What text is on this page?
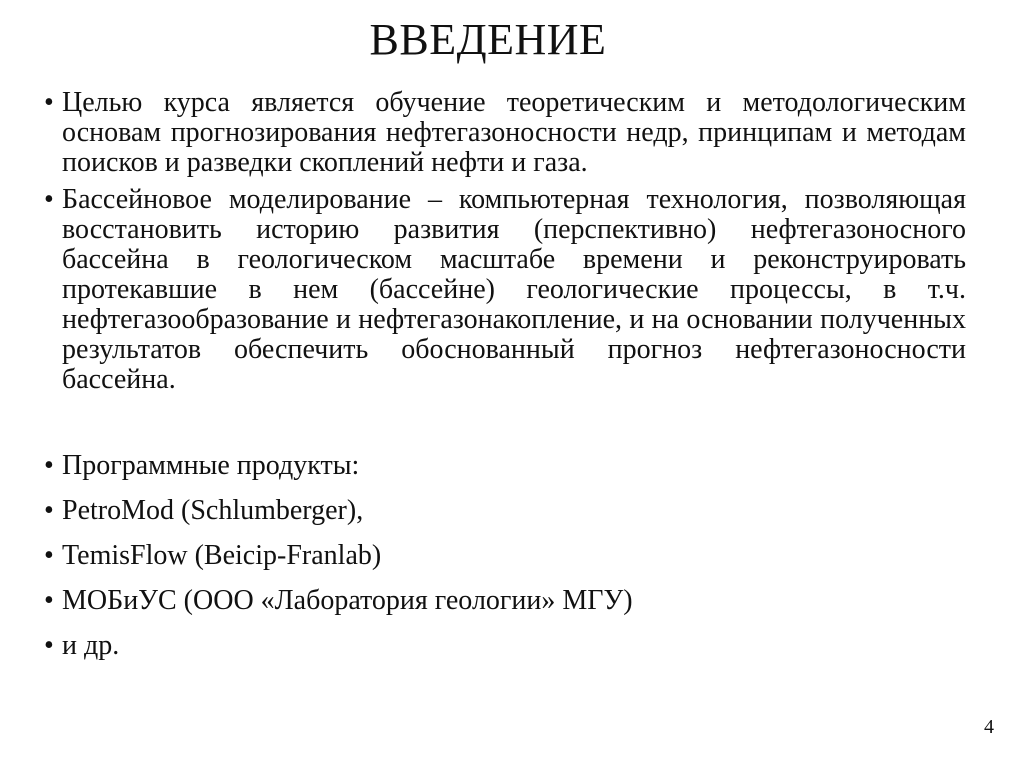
ВВЕДЕНИЕ
• Целью курса является обучение теоретическим и методологическим основам прогнозирования нефтегазоносности недр, принципам и методам поисков и разведки скоплений нефти и газа.
• Бассейновое моделирование – компьютерная технология, позволяющая восстановить историю развития (перспективно) нефтегазоносного бассейна в геологическом масштабе времени и реконструировать протекавшие в нем (бассейне) геологические процессы, в т.ч. нефтегазообразование и нефтегазонакопление, и на основании полученных результатов обеспечить обоснованный прогноз нефтегазоносности бассейна.
• Программные продукты:
• PetroMod (Schlumberger),
• TemisFlow (Beicip-Franlab)
• МОБиУС (ООО «Лаборатория геологии» МГУ)
• и др.
4
